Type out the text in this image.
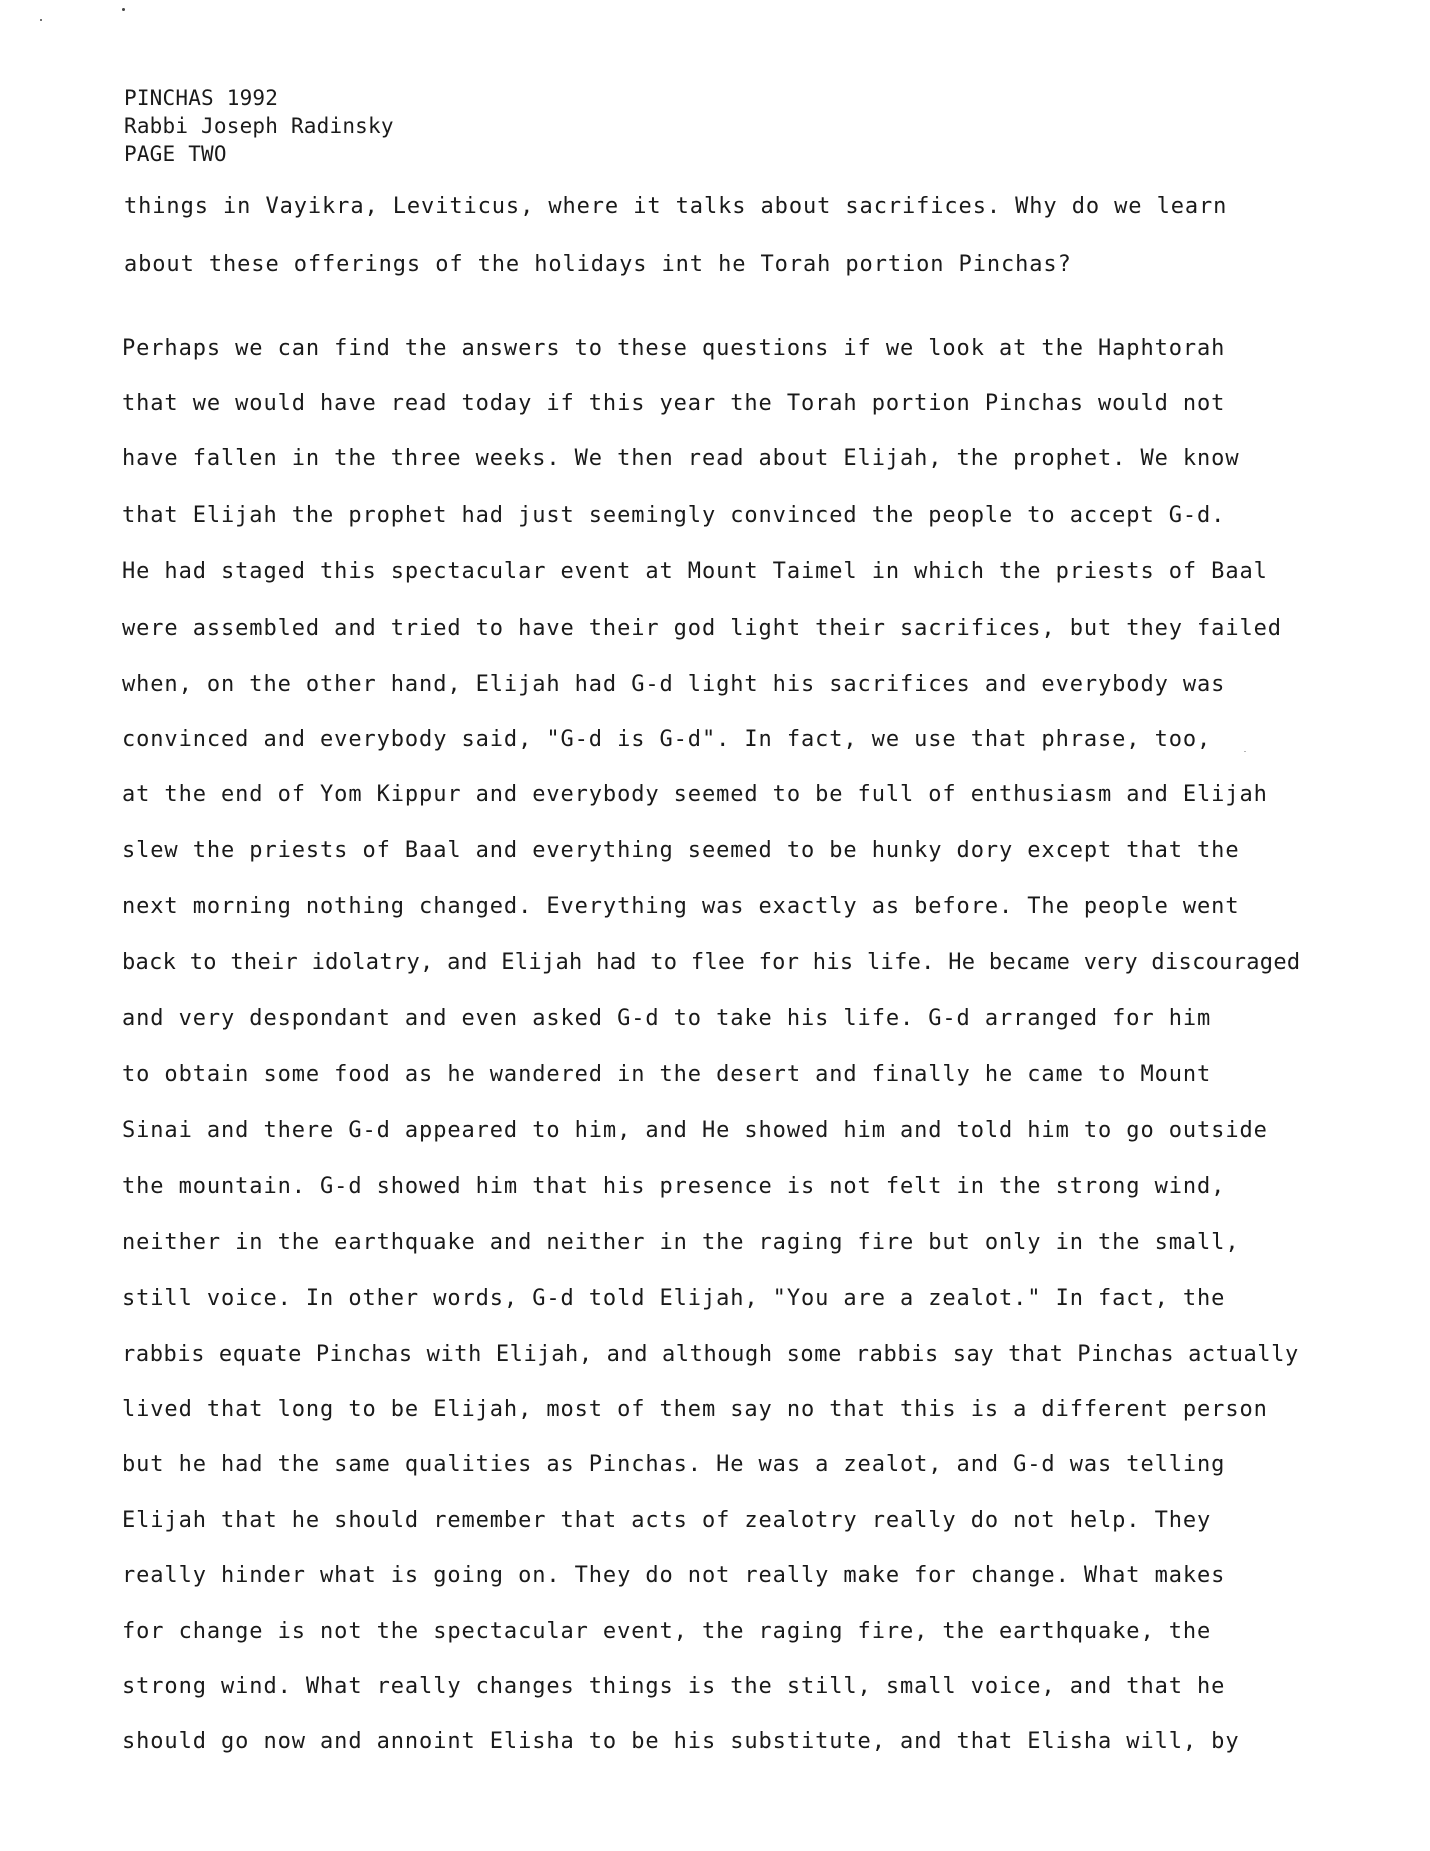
PINCHAS 1992
Rabbi Joseph Radinsky
PAGE TWO
things in Vayikra, Leviticus, where it talks about sacrifices. Why do we learn
about these offerings of the holidays int he Torah portion Pinchas?
Perhaps we can find the answers to these questions if we look at the Haphtorah
that we would have read today if this year the Torah portion Pinchas would not
have fallen in the three weeks. We then read about Elijah, the prophet. We know
that Elijah the prophet had just seemingly convinced the people to accept G-d.
He had staged this spectacular event at Mount Taimel in which the priests of Baal
were assembled and tried to have their god light their sacrifices, but they failed
when, on the other hand, Elijah had G-d light his sacrifices and everybody was
convinced and everybody said, "G-d is G-d". In fact, we use that phrase, too,
at the end of Yom Kippur and everybody seemed to be full of enthusiasm and Elijah
slew the priests of Baal and everything seemed to be hunky dory except that the
next morning nothing changed. Everything was exactly as before. The people went
back to their idolatry, and Elijah had to flee for his life. He became very discouraged
and very despondant and even asked G-d to take his life. G-d arranged for him
to obtain some food as he wandered in the desert and finally he came to Mount
Sinai and there G-d appeared to him, and He showed him and told him to go outside
the mountain. G-d showed him that his presence is not felt in the strong wind,
neither in the earthquake and neither in the raging fire but only in the small,
still voice. In other words, G-d told Elijah, "You are a zealot." In fact, the
rabbis equate Pinchas with Elijah, and although some rabbis say that Pinchas actually
lived that long to be Elijah, most of them say no that this is a different person
but he had the same qualities as Pinchas. He was a zealot, and G-d was telling
Elijah that he should remember that acts of zealotry really do not help. They
really hinder what is going on. They do not really make for change. What makes
for change is not the spectacular event, the raging fire, the earthquake, the
strong wind. What really changes things is the still, small voice, and that he
should go now and annoint Elisha to be his substitute, and that Elisha will, by
